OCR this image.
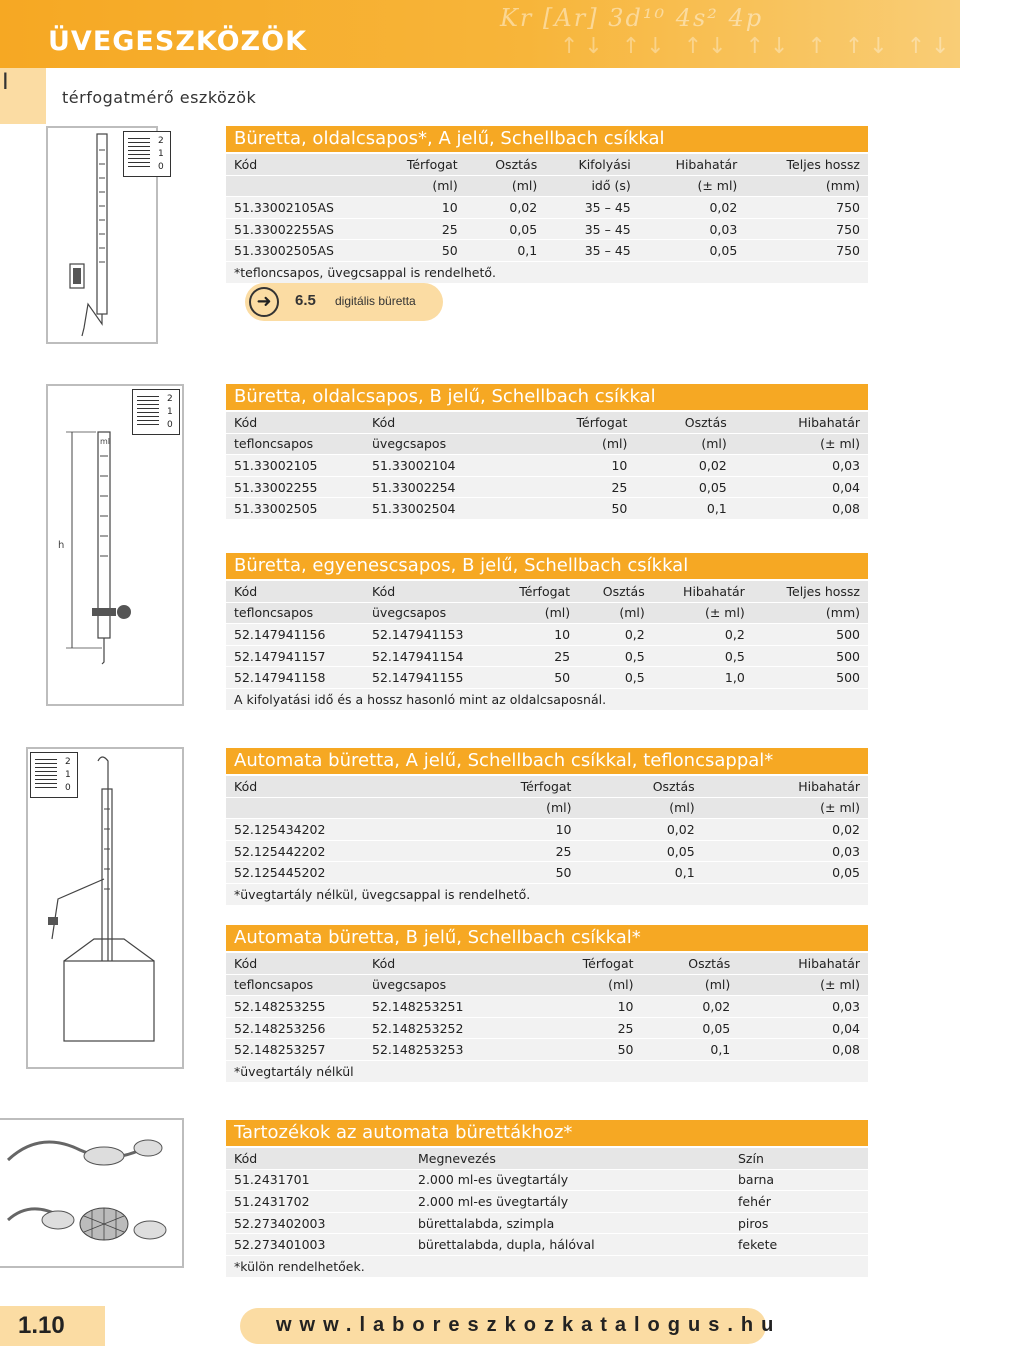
Kr [Ar] 3d¹⁰ 4s² 4p
↑↓ ↑↓ ↑↓ ↑↓ ↑ ↑↓ ↑↓ ↑↓
ÜVEGESZKÖZÖK
I
térfogatmérő eszközök
2
1
0
Büretta, oldalcsapos*, A jelű, Schellbach csíkkal
Kód	Térfogat	Osztás	Kifolyási	Hibahatár	Teljes hossz
	(ml)	(ml)	idő (s)	(± ml)	(mm)
51.33002105AS	10	0,02	35 – 45	0,02	750
51.33002255AS	25	0,05	35 – 45	0,03	750
51.33002505AS	50	0,1	35 – 45	0,05	750
*tefloncsapos, üvegcsappal is rendelhető.					
➜	6.5 digitális büretta
h
ml
2
1
0
Büretta, oldalcsapos, B jelű, Schellbach csíkkal
Kód	Kód	Térfogat	Osztás	Hibahatár
tefloncsapos	üvegcsapos	(ml)	(ml)	(± ml)
51.33002105	51.33002104	10	0,02	0,03
51.33002255	51.33002254	25	0,05	0,04
51.33002505	51.33002504	50	0,1	0,08
Büretta, egyenescsapos, B jelű, Schellbach csíkkal
Kód	Kód	Térfogat	Osztás	Hibahatár	Teljes hossz
tefloncsapos	üvegcsapos	(ml)	(ml)	(± ml)	(mm)
52.147941156	52.147941153	10	0,2	0,2	500
52.147941157	52.147941154	25	0,5	0,5	500
52.147941158	52.147941155	50	0,5	1,0	500
A kifolyatási idő és a hossz hasonló mint az oldalcsaposnál.					
2
1
0
Automata büretta, A jelű, Schellbach csíkkal, tefloncsappal*
Kód	Térfogat	Osztás	Hibahatár
	(ml)	(ml)	(± ml)
52.125434202	10	0,02	0,02
52.125442202	25	0,05	0,03
52.125445202	50	0,1	0,05
*üvegtartály nélkül, üvegcsappal is rendelhető.			
Automata büretta, B jelű, Schellbach csíkkal*
Kód	Kód	Térfogat	Osztás	Hibahatár
tefloncsapos	üvegcsapos	(ml)	(ml)	(± ml)
52.148253255	52.148253251	10	0,02	0,03
52.148253256	52.148253252	25	0,05	0,04
52.148253257	52.148253253	50	0,1	0,08
*üvegtartály nélkül				
Tartozékok az automata bürettákhoz*
Kód	Megnevezés	Szín
51.2431701	2.000 ml-es üvegtartály	barna
51.2431702	2.000 ml-es üvegtartály	fehér
52.273402003	bürettalabda, szimpla	piros
52.273401003	bürettalabda, dupla, hálóval	fekete
*külön rendelhetőek.		
1.10	www.laboreszkozkatalogus.hu
